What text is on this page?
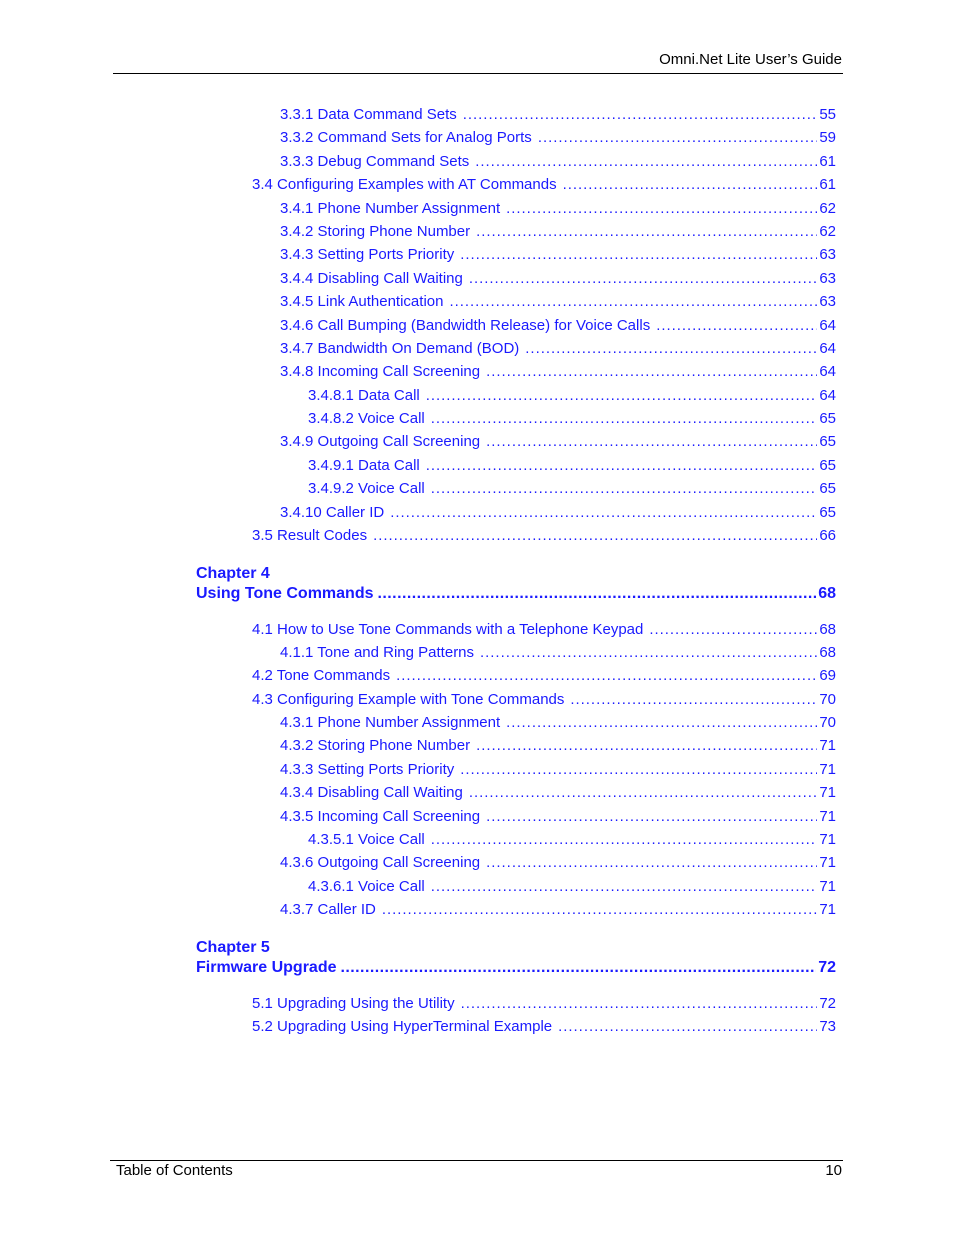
Omni.Net Lite User’s Guide
3.3.1 Data Command Sets . . .	55
3.3.2 Command Sets for Analog Ports . . .	59
3.3.3 Debug Command Sets . . .	61
3.4 Configuring Examples with AT Commands . . .	61
3.4.1 Phone Number Assignment . . .	62
3.4.2 Storing Phone Number . . .	62
3.4.3 Setting Ports Priority . . .	63
3.4.4 Disabling Call Waiting . . .	63
3.4.5 Link Authentication . . .	63
3.4.6 Call Bumping (Bandwidth Release) for Voice Calls . . .	64
3.4.7 Bandwidth On Demand (BOD) . . .	64
3.4.8 Incoming Call Screening . . .	64
3.4.8.1 Data Call . . .	64
3.4.8.2 Voice Call . . .	65
3.4.9 Outgoing Call Screening . . .	65
3.4.9.1 Data Call . . .	65
3.4.9.2 Voice Call . . .	65
3.4.10 Caller ID . . .	65
3.5 Result Codes . . .	66
Chapter 4
Using Tone Commands . . .	68
4.1 How to Use Tone Commands with a Telephone Keypad . . .	68
4.1.1 Tone and Ring Patterns . . .	68
4.2 Tone Commands . . .	69
4.3 Configuring Example with Tone Commands . . .	70
4.3.1 Phone Number Assignment . . .	70
4.3.2 Storing Phone Number . . .	71
4.3.3 Setting Ports Priority . . .	71
4.3.4 Disabling Call Waiting . . .	71
4.3.5 Incoming Call Screening . . .	71
4.3.5.1 Voice Call . . .	71
4.3.6 Outgoing Call Screening . . .	71
4.3.6.1 Voice Call . . .	71
4.3.7 Caller ID . . .	71
Chapter 5
Firmware Upgrade . . .	72
5.1 Upgrading Using the Utility . . .	72
5.2 Upgrading Using HyperTerminal Example . . .	73
Table of Contents	10
